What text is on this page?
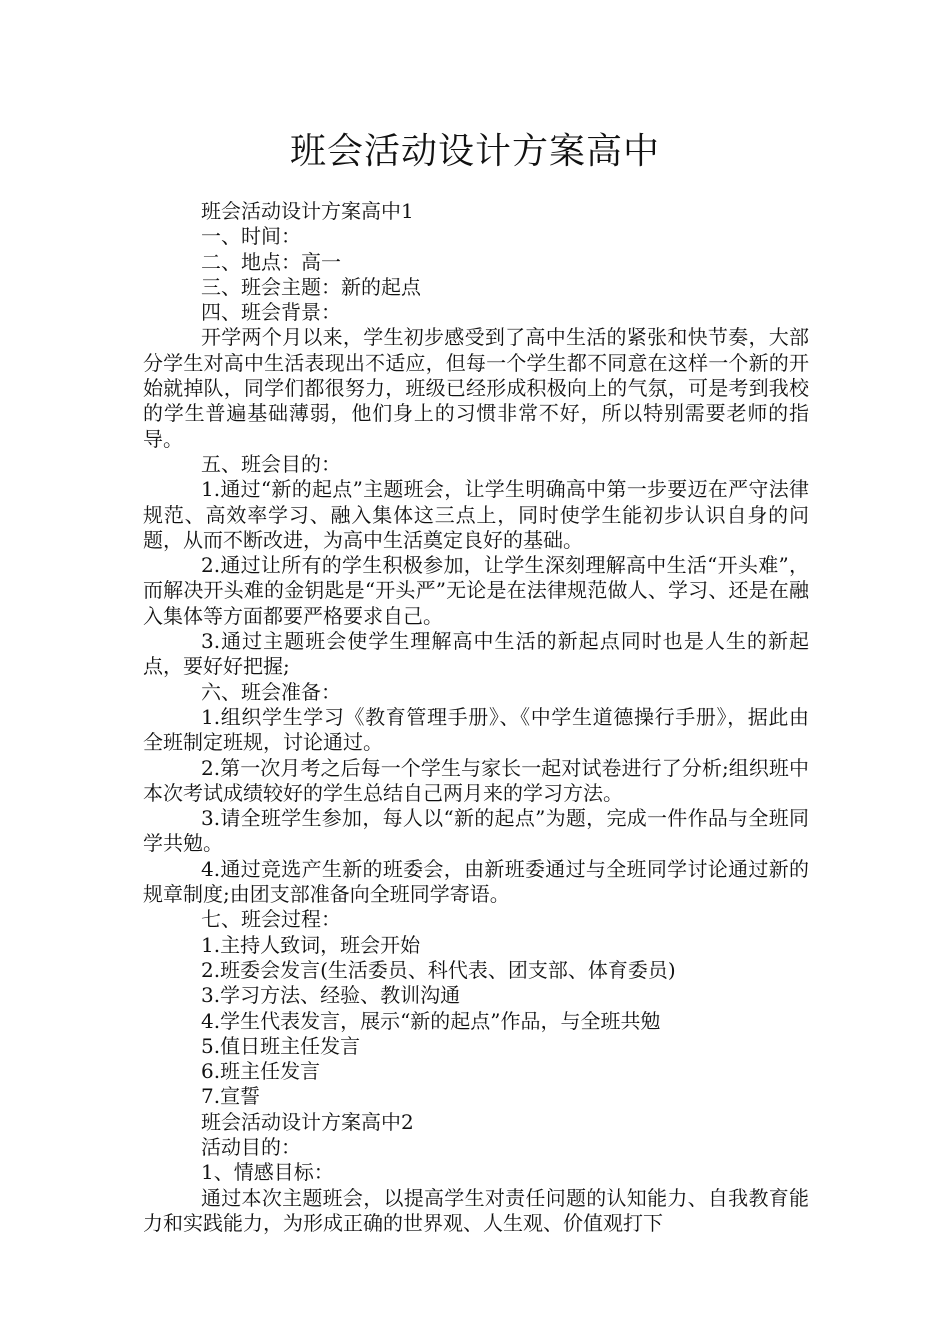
班会活动设计方案高中

班会活动设计方案高中1

一、时间：

二、地点：高一

三、班会主题：新的起点

四、班会背景：

开学两个月以来，学生初步感受到了高中生活的紧张和快节奏，大部分学生对高中生活表现出不适应，但每一个学生都不同意在这样一个新的开始就掉队，同学们都很努力，班级已经形成积极向上的气氛，可是考到我校的学生普遍基础薄弱，他们身上的习惯非常不好，所以特别需要老师的指导。

五、班会目的：

1.通过“新的起点”主题班会，让学生明确高中第一步要迈在严守法律规范、高效率学习、融入集体这三点上，同时使学生能初步认识自身的问题，从而不断改进，为高中生活奠定良好的基础。

2.通过让所有的学生积极参加，让学生深刻理解高中生活“开头难”，而解决开头难的金钥匙是“开头严”无论是在法律规范做人、学习、还是在融入集体等方面都要严格要求自己。

3.通过主题班会使学生理解高中生活的新起点同时也是人生的新起点，要好好把握;

六、班会准备：

1.组织学生学习《教育管理手册》、《中学生道德操行手册》，据此由全班制定班规，讨论通过。

2.第一次月考之后每一个学生与家长一起对试卷进行了分析;组织班中本次考试成绩较好的学生总结自己两月来的学习方法。

3.请全班学生参加，每人以“新的起点”为题，完成一件作品与全班同学共勉。

4.通过竞选产生新的班委会，由新班委通过与全班同学讨论通过新的规章制度;由团支部准备向全班同学寄语。

七、班会过程：

1.主持人致词，班会开始

2.班委会发言(生活委员、科代表、团支部、体育委员)

3.学习方法、经验、教训沟通

4.学生代表发言，展示“新的起点”作品，与全班共勉

5.值日班主任发言

6.班主任发言

7.宣誓

班会活动设计方案高中2

活动目的：

1、情感目标：

通过本次主题班会，以提高学生对责任问题的认知能力、自我教育能力和实践能力，为形成正确的世界观、人生观、价值观打下
